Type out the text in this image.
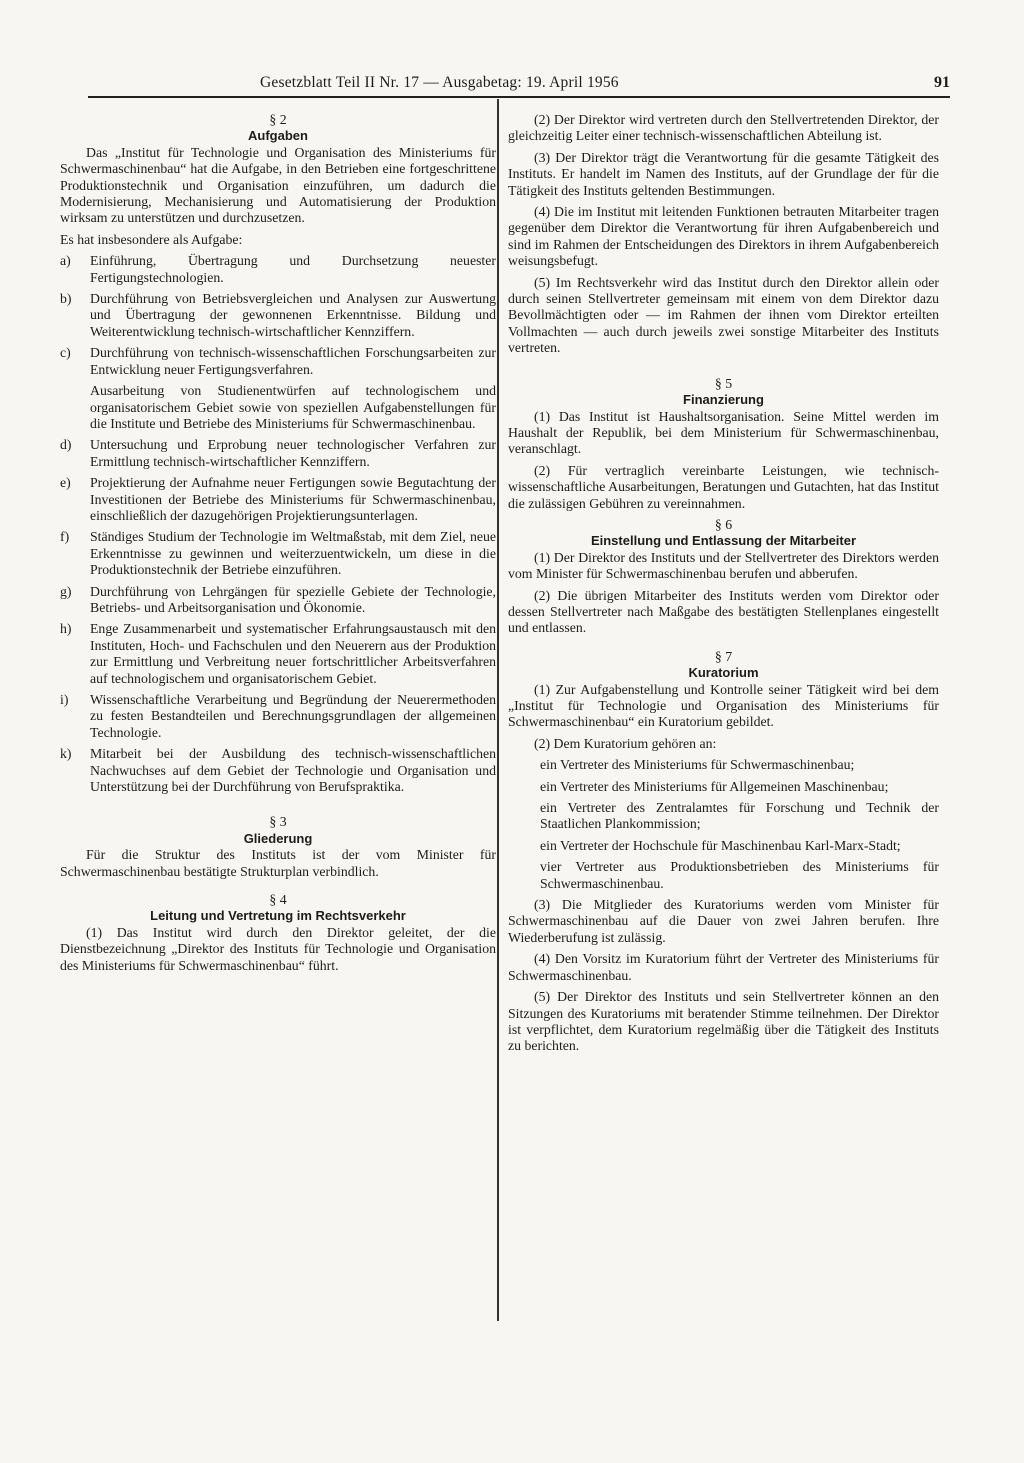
Gesetzblatt Teil II Nr. 17 — Ausgabetag: 19. April 1956	91
§ 2
Aufgaben

Das „Institut für Technologie und Organisation des Ministeriums für Schwermaschinenbau“ hat die Aufgabe, in den Betrieben eine fortgeschrittene Produktionstechnik und Organisation einzuführen, um dadurch die Modernisierung, Mechanisierung und Automatisierung der Produktion wirksam zu unterstützen und durchzusetzen.

Es hat insbesondere als Aufgabe:

a) Einführung, Übertragung und Durchsetzung neuester Fertigungstechnologien.
b) Durchführung von Betriebsvergleichen und Analysen zur Auswertung und Übertragung der gewonnenen Erkenntnisse. Bildung und Weiterentwicklung technisch-wirtschaftlicher Kennziffern.
c) Durchführung von technisch-wissenschaftlichen Forschungsarbeiten zur Entwicklung neuer Fertigungsverfahren.
Ausarbeitung von Studienentwürfen auf technologischem und organisatorischem Gebiet sowie von speziellen Aufgabenstellungen für die Institute und Betriebe des Ministeriums für Schwermaschinenbau.
d) Untersuchung und Erprobung neuer technologischer Verfahren zur Ermittlung technisch-wirtschaftlicher Kennziffern.
e) Projektierung der Aufnahme neuer Fertigungen sowie Begutachtung der Investitionen der Betriebe des Ministeriums für Schwermaschinenbau, einschließlich der dazugehörigen Projektierungsunterlagen.
f) Ständiges Studium der Technologie im Weltmaßstab, mit dem Ziel, neue Erkenntnisse zu gewinnen und weiterzuentwickeln, um diese in die Produktionstechnik der Betriebe einzuführen.
g) Durchführung von Lehrgängen für spezielle Gebiete der Technologie, Betriebs- und Arbeitsorganisation und Ökonomie.
h) Enge Zusammenarbeit und systematischer Erfahrungsaustausch mit den Instituten, Hoch- und Fachschulen und den Neuerern aus der Produktion zur Ermittlung und Verbreitung neuer fortschrittlicher Arbeitsverfahren auf technologischem und organisatorischem Gebiet.
i) Wissenschaftliche Verarbeitung und Begründung der Neuerermethoden zu festen Bestandteilen und Berechnungsgrundlagen der allgemeinen Technologie.
k) Mitarbeit bei der Ausbildung des technisch-wissenschaftlichen Nachwuchses auf dem Gebiet der Technologie und Organisation und Unterstützung bei der Durchführung von Berufspraktika.
§ 3
Gliederung

Für die Struktur des Instituts ist der vom Minister für Schwermaschinenbau bestätigte Strukturplan verbindlich.

§ 4
Leitung und Vertretung im Rechtsverkehr

(1) Das Institut wird durch den Direktor geleitet, der die Dienstbezeichnung „Direktor des Instituts für Technologie und Organisation des Ministeriums für Schwermaschinenbau“ führt.

(2) Der Direktor wird vertreten durch den Stellvertretenden Direktor, der gleichzeitig Leiter einer technisch-wissenschaftlichen Abteilung ist.

(3) Der Direktor trägt die Verantwortung für die gesamte Tätigkeit des Instituts. Er handelt im Namen des Instituts, auf der Grundlage der für die Tätigkeit des Instituts geltenden Bestimmungen.

(4) Die im Institut mit leitenden Funktionen betrauten Mitarbeiter tragen gegenüber dem Direktor die Verantwortung für ihren Aufgabenbereich und sind im Rahmen der Entscheidungen des Direktors in ihrem Aufgabenbereich weisungsbefugt.

(5) Im Rechtsverkehr wird das Institut durch den Direktor allein oder durch seinen Stellvertreter gemeinsam mit einem von dem Direktor dazu Bevollmächtigten oder — im Rahmen der ihnen vom Direktor erteilten Vollmachten — auch durch jeweils zwei sonstige Mitarbeiter des Instituts vertreten.

§ 5
Finanzierung

(1) Das Institut ist Haushaltsorganisation. Seine Mittel werden im Haushalt der Republik, bei dem Ministerium für Schwermaschinenbau, veranschlagt.

(2) Für vertraglich vereinbarte Leistungen, wie technisch-wissenschaftliche Ausarbeitungen, Beratungen und Gutachten, hat das Institut die zulässigen Gebühren zu vereinnahmen.

§ 6
Einstellung und Entlassung der Mitarbeiter

(1) Der Direktor des Instituts und der Stellvertreter des Direktors werden vom Minister für Schwermaschinenbau berufen und abberufen.

(2) Die übrigen Mitarbeiter des Instituts werden vom Direktor oder dessen Stellvertreter nach Maßgabe des bestätigten Stellenplanes eingestellt und entlassen.

§ 7
Kuratorium

(1) Zur Aufgabenstellung und Kontrolle seiner Tätigkeit wird bei dem „Institut für Technologie und Organisation des Ministeriums für Schwermaschinenbau“ ein Kuratorium gebildet.

(2) Dem Kuratorium gehören an:

ein Vertreter des Ministeriums für Schwermaschinenbau;
ein Vertreter des Ministeriums für Allgemeinen Maschinenbau;
ein Vertreter des Zentralamtes für Forschung und Technik der Staatlichen Plankommission;
ein Vertreter der Hochschule für Maschinenbau Karl-Marx-Stadt;
vier Vertreter aus Produktionsbetrieben des Ministeriums für Schwermaschinenbau.

(3) Die Mitglieder des Kuratoriums werden vom Minister für Schwermaschinenbau auf die Dauer von zwei Jahren berufen. Ihre Wiederberufung ist zulässig.

(4) Den Vorsitz im Kuratorium führt der Vertreter des Ministeriums für Schwermaschinenbau.

(5) Der Direktor des Instituts und sein Stellvertreter können an den Sitzungen des Kuratoriums mit beratender Stimme teilnehmen. Der Direktor ist verpflichtet, dem Kuratorium regelmäßig über die Tätigkeit des Instituts zu berichten.
